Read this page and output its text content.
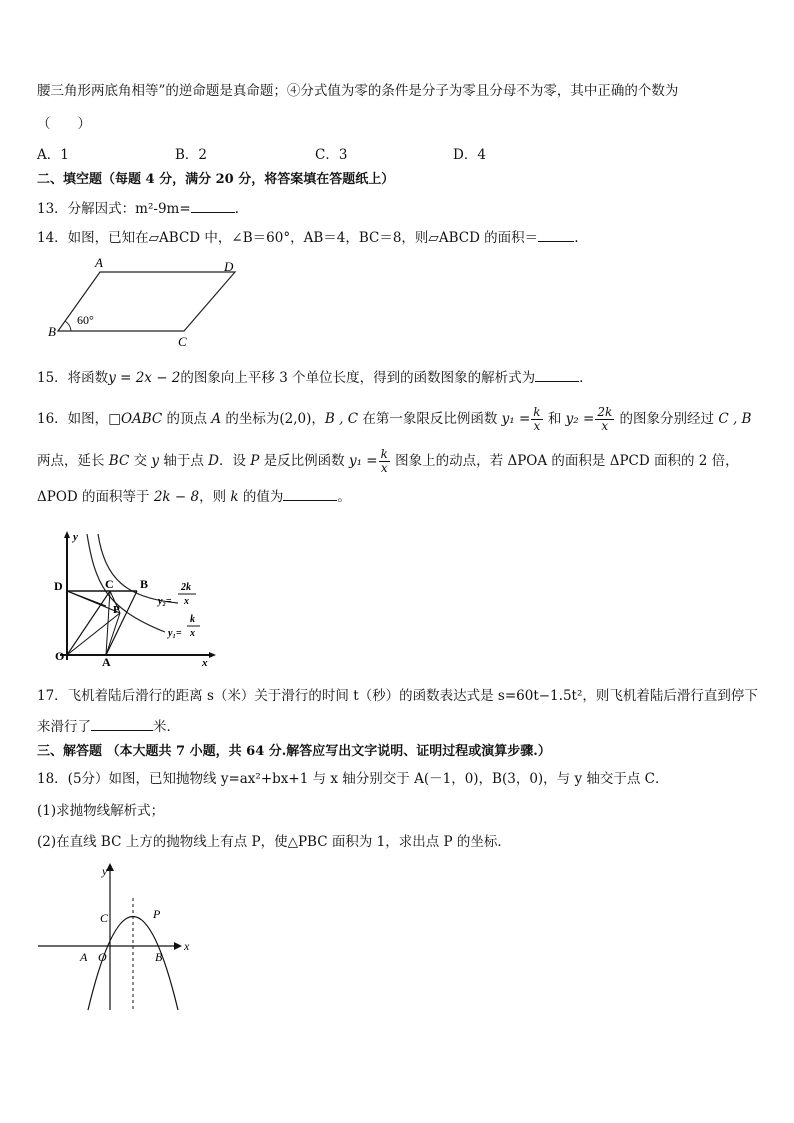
腰三角形两底角相等”的逆命题是真命题；④分式值为零的条件是分子为零且分母不为零，其中正确的个数为
（　　）
A．1	B．2	C．3	D．4
二、填空题（每题 4 分，满分 20 分，将答案填在答题纸上）
13．分解因式：m²-9m=	.
14．如图，已知在▱ABCD 中，∠B＝60°，AB＝4，BC＝8，则▱ABCD 的面积＝	.
A	D
B
C
60°
15．将函数y = 2x − 2的图象向上平移 3 个单位长度，得到的函数图象的解析式为	.
16．如图，□OABC 的顶点 A 的坐标为(2,0)，B , C 在第一象限反比例函数 $y_1 = \frac{k}{x}$ 和 $y_2 = \frac{2k}{x}$ 的图象分别经过 C , B
两点，延长 BC 交 y 轴于点 D．设 P 是反比例函数 $y_1 = \frac{k}{x}$ 图象上的动点，若 ΔPOA 的面积是 ΔPCD 面积的 2 倍，
ΔPOD 的面积等于 2k − 8，则 k 的值为	。
y
x
O	A
D	C B
P
y₂=
2k
x
y₁=
k
x
17．飞机着陆后滑行的距离 s（米）关于滑行的时间 t（秒）的函数表达式是 s=60t−1.5t²，则飞机着陆后滑行直到停下
来滑行了	米．
三、解答题 （本大题共 7 小题，共 64 分.解答应写出文字说明、证明过程或演算步骤.）
18．(5分）如图，已知抛物线 y=ax²+bx+1 与 x 轴分别交于 A(－1，0)，B(3，0)，与 y 轴交于点 C．
(1)求抛物线解析式；
(2)在直线 BC 上方的抛物线上有点 P，使△PBC 面积为 1，求出点 P 的坐标．
y
x
C	P
A O	B
